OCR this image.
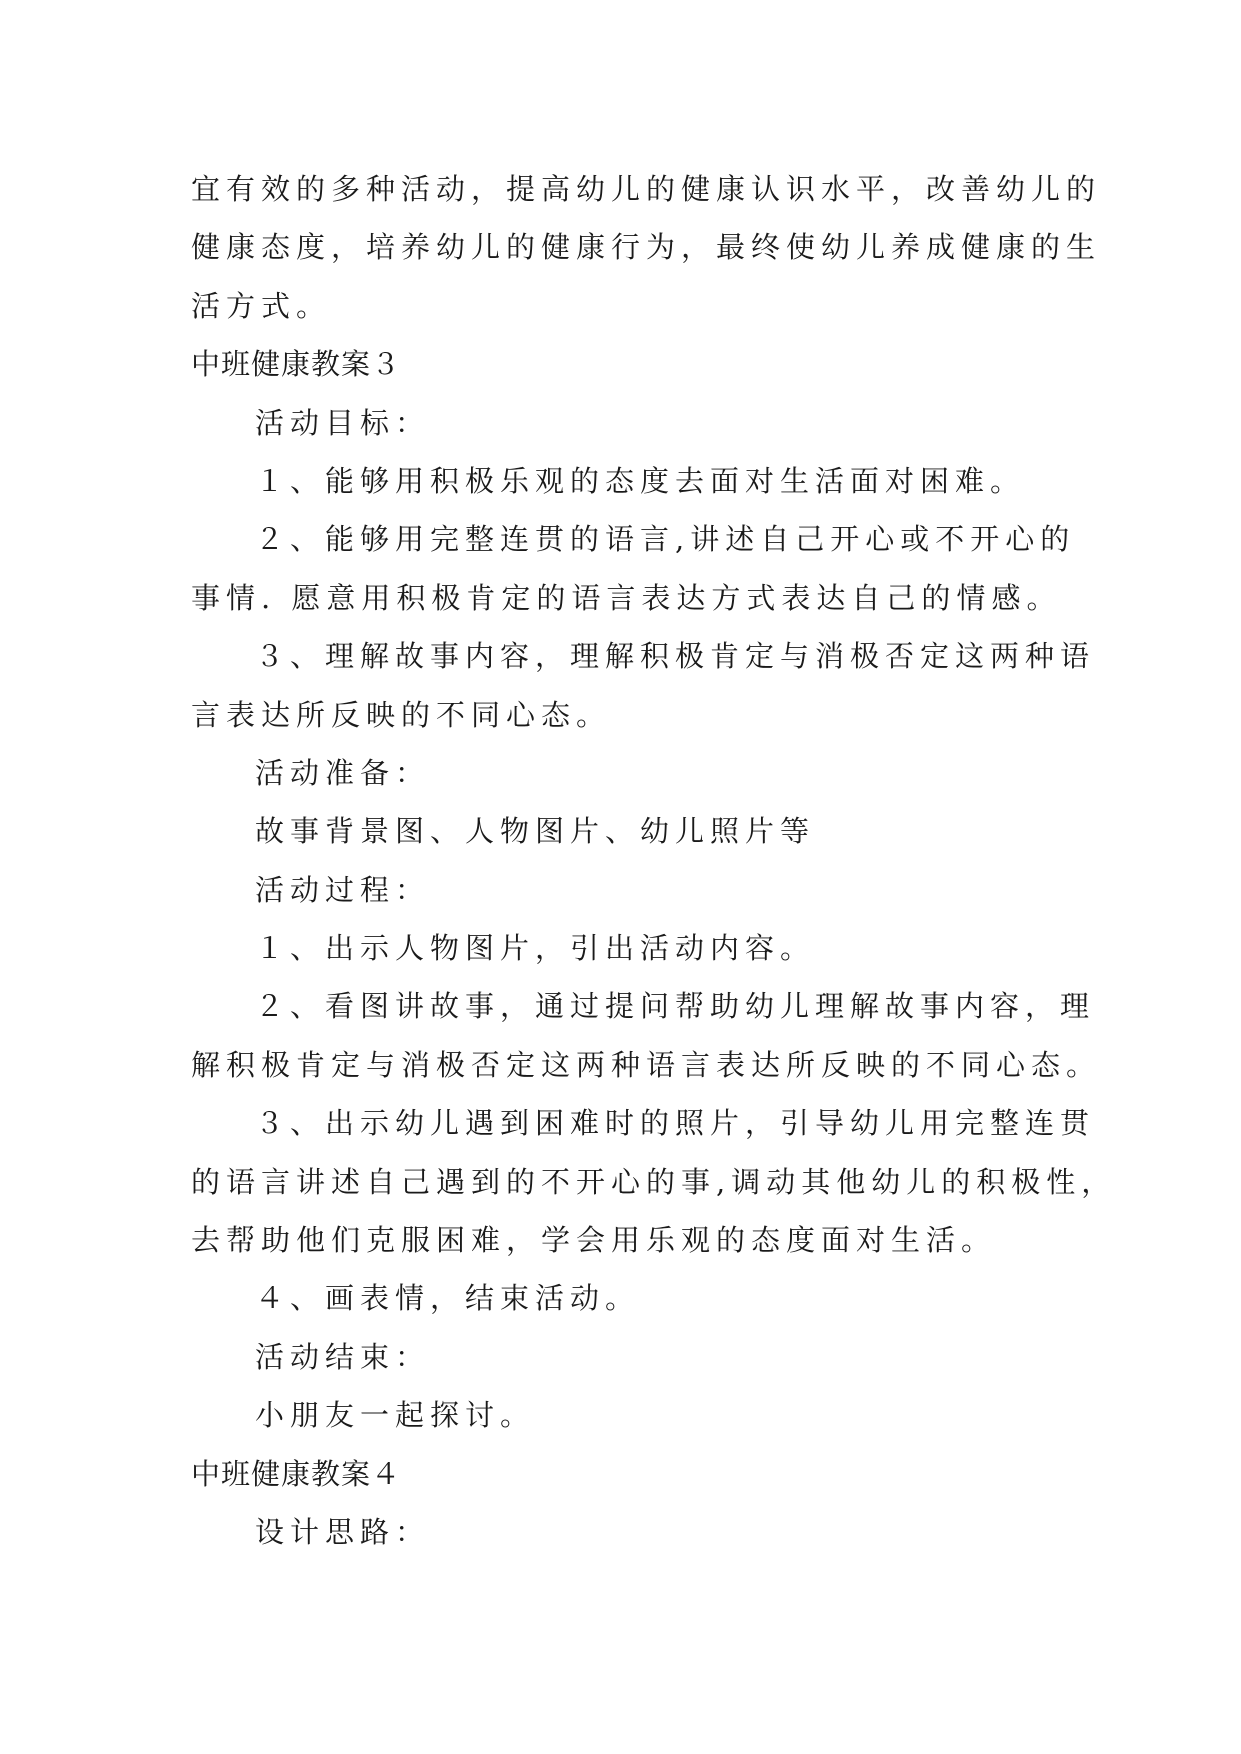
宜有效的多种活动，提高幼儿的健康认识水平，改善幼儿的

健康态度，培养幼儿的健康行为，最终使幼儿养成健康的生

活方式。

中班健康教案３

活动目标：

１、能够用积极乐观的态度去面对生活面对困难。

２、能够用完整连贯的语言,讲述自己开心或不开心的

事情. 愿意用积极肯定的语言表达方式表达自己的情感。

３、理解故事内容，理解积极肯定与消极否定这两种语

言表达所反映的不同心态。

活动准备：

故事背景图、人物图片、幼儿照片等

活动过程：

１、出示人物图片，引出活动内容。

２、看图讲故事，通过提问帮助幼儿理解故事内容，理

解积极肯定与消极否定这两种语言表达所反映的不同心态。

３、出示幼儿遇到困难时的照片，引导幼儿用完整连贯

的语言讲述自己遇到的不开心的事,调动其他幼儿的积极性，

去帮助他们克服困难，学会用乐观的态度面对生活。

４、画表情，结束活动。

活动结束：

小朋友一起探讨。

中班健康教案４

设计思路：
